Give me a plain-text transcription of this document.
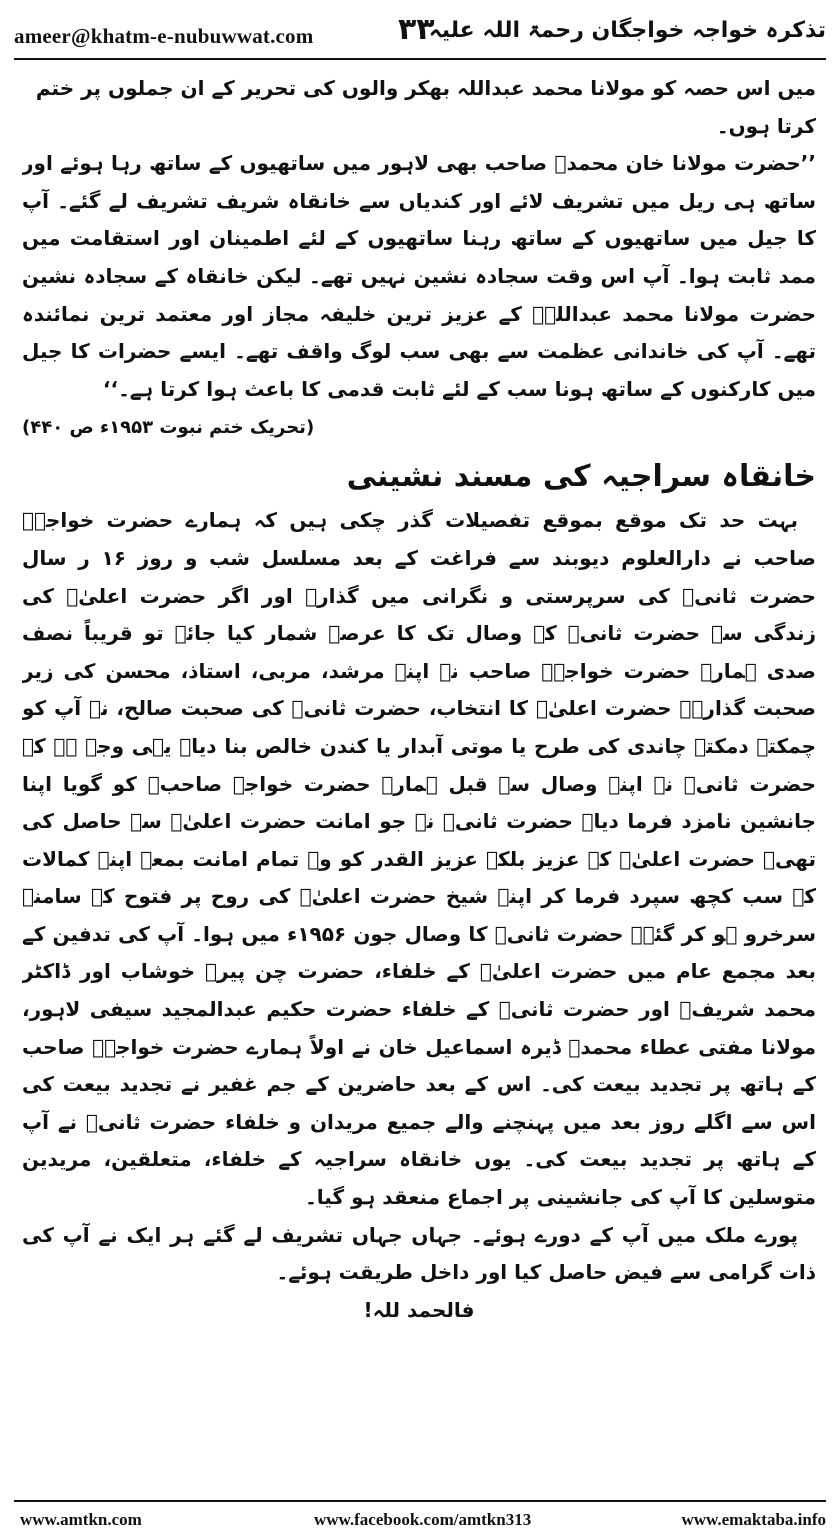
ameer@khatm-e-nubuwwat.com	۳۳
تذکرہ خواجہ خواجگان رحمۃ اللہ علیہ

میں اس حصہ کو مولانا محمد عبداللہ بھکر والوں کی تحریر کے ان جملوں پر ختم کرتا ہوں۔

’’حضرت مولانا خان محمدؒ صاحب بھی لاہور میں ساتھیوں کے ساتھ رہا ہوئے اور ساتھ ہی ریل میں تشریف لائے اور کندیاں سے خانقاہ شریف تشریف لے گئے۔ آپ کا جیل میں ساتھیوں کے ساتھ رہنا ساتھیوں کے لئے اطمینان اور استقامت میں ممد ثابت ہوا۔ آپ اس وقت سجادہ نشین نہیں تھے۔ لیکن خانقاہ کے سجادہ نشین حضرت مولانا محمد عبداللہؒ کے عزیز ترین خلیفہ مجاز اور معتمد ترین نمائندہ تھے۔ آپ کی خاندانی عظمت سے بھی سب لوگ واقف تھے۔ ایسے حضرات کا جیل میں کارکنوں کے ساتھ ہونا سب کے لئے ثابت قدمی کا باعث ہوا کرتا ہے۔‘‘

(تحریک ختم نبوت ۱۹۵۳ء ص ۴۴۰)

خانقاہ سراجیہ کی مسند نشینی

بہت حد تک موقع بموقع تفصیلات گذر چکی ہیں کہ ہمارے حضرت خواجہؒ صاحب نے دارالعلوم دیوبند سے فراغت کے بعد مسلسل شب و روز ۱۶ ر سال حضرت ثانیؒ کی سرپرستی و نگرانی میں گذارے اور اگر حضرت اعلیٰؒ کی زندگی سے حضرت ثانیؒ کے وصال تک کا عرصہ شمار کیا جائے تو قریباً نصف صدی ہمارے حضرت خواجہؒ صاحب نے اپنے مرشد، مربی، استاذ، محسن کی زیر صحبت گذارے۔ حضرت اعلیٰؒ کا انتخاب، حضرت ثانیؒ کی صحبت صالح، نے آپ کو چمکتے دمکتے چاندی کی طرح یا موتی آبدار یا کندن خالص بنا دیا۔ یہی وجہ ہے کہ حضرت ثانیؒ نے اپنے وصال سے قبل ہمارے حضرت خواجہ صاحبؒ کو گویا اپنا جانشین نامزد فرما دیا۔ حضرت ثانیؒ نے جو امانت حضرت اعلیٰؒ سے حاصل کی تھی۔ حضرت اعلیٰؒ کے عزیز بلکہ عزیز القدر کو وہ تمام امانت بمعہ اپنے کمالات کے سب کچھ سپرد فرما کر اپنے شیخ حضرت اعلیٰؒ کی روح پر فتوح کے سامنے سرخرو ہو کر گئے۔ حضرت ثانیؒ کا وصال جون ۱۹۵۶ء میں ہوا۔ آپ کی تدفین کے بعد مجمع عام میں حضرت اعلیٰؒ کے خلفاء، حضرت چن پیرؒ خوشاب اور ڈاکٹر محمد شریفؒ اور حضرت ثانیؒ کے خلفاء حضرت حکیم عبدالمجید سیفی لاہور، مولانا مفتی عطاء محمدؒ ڈیرہ اسماعیل خان نے اولاً ہمارے حضرت خواجہؒ صاحب کے ہاتھ پر تجدید بیعت کی۔ اس کے بعد حاضرین کے جم غفیر نے تجدید بیعت کی اس سے اگلے روز بعد میں پہنچنے والے جمیع مریدان و خلفاء حضرت ثانیؒ نے آپ کے ہاتھ پر تجدید بیعت کی۔ یوں خانقاہ سراجیہ کے خلفاء، متعلقین، مریدین متوسلین کا آپ کی جانشینی پر اجماع منعقد ہو گیا۔

پورے ملک میں آپ کے دورے ہوئے۔ جہاں جہاں تشریف لے گئے ہر ایک نے آپ کی ذات گرامی سے فیض حاصل کیا اور داخل طریقت ہوئے۔

فالحمد للہ!

www.amtkn.com	www.facebook.com/amtkn313	www.emaktaba.info
